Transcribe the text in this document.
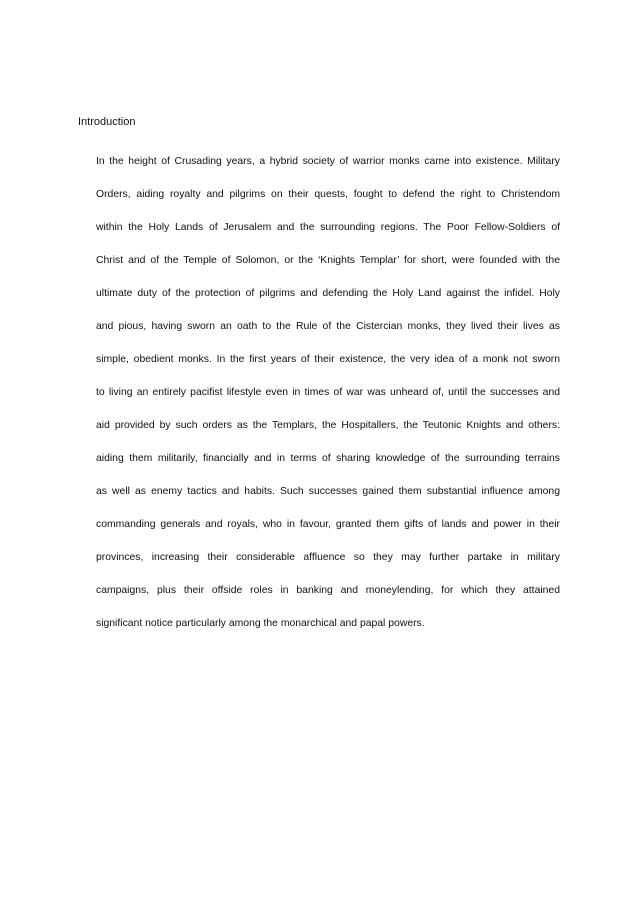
Introduction
In the height of Crusading years, a hybrid society of warrior monks came into existence. Military
Orders, aiding royalty and pilgrims on their quests, fought to defend the right to Christendom
within the Holy Lands of Jerusalem and the surrounding regions. The Poor Fellow-Soldiers of
Christ and of the Temple of Solomon, or the ‘Knights Templar’ for short, were founded with the
ultimate duty of the protection of pilgrims and defending the Holy Land against the infidel. Holy
and pious, having sworn an oath to the Rule of the Cistercian monks, they lived their lives as
simple, obedient monks. In the first years of their existence, the very idea of a monk not sworn
to living an entirely pacifist lifestyle even in times of war was unheard of, until the successes and
aid provided by such orders as the Templars, the Hospitallers, the Teutonic Knights and others:
aiding them militarily, financially and in terms of sharing knowledge of the surrounding terrains
as well as enemy tactics and habits. Such successes gained them substantial influence among
commanding generals and royals, who in favour, granted them gifts of lands and power in their
provinces, increasing their considerable affluence so they may further partake in military
campaigns, plus their offside roles in banking and moneylending, for which they attained
significant notice particularly among the monarchical and papal powers.
